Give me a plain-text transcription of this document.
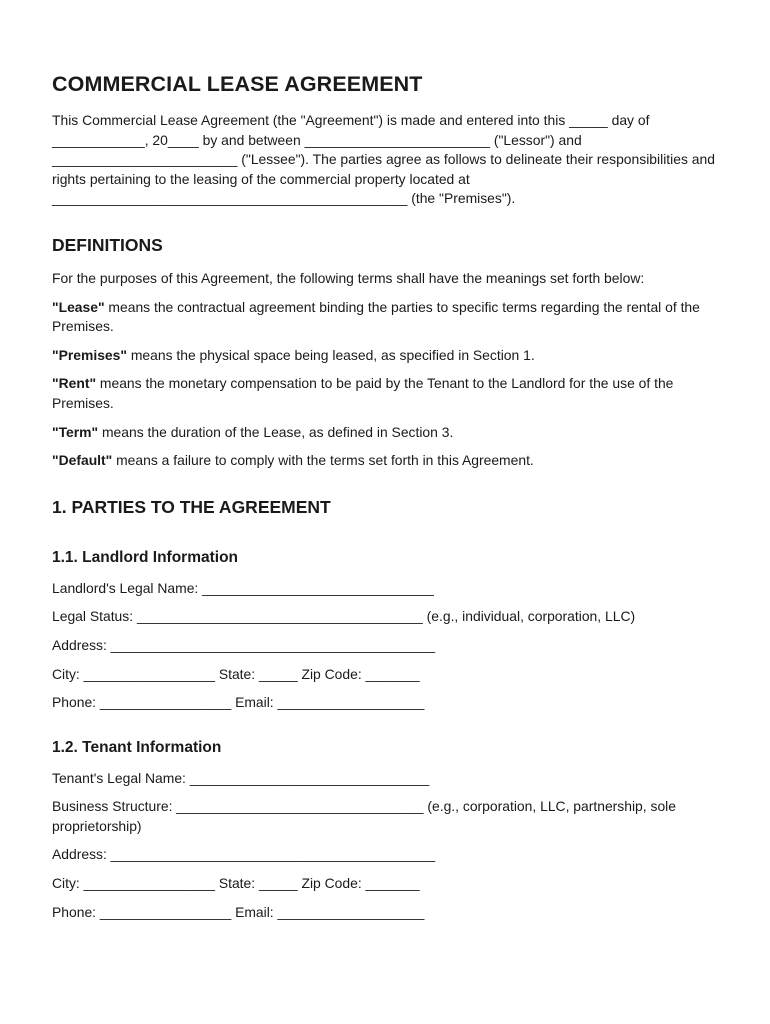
COMMERCIAL LEASE AGREEMENT

This Commercial Lease Agreement (the "Agreement") is made and entered into this _____ day of ____________, 20____ by and between ________________________ ("Lessor") and ________________________ ("Lessee"). The parties agree as follows to delineate their responsibilities and rights pertaining to the leasing of the commercial property located at ______________________________________________ (the "Premises").

DEFINITIONS

For the purposes of this Agreement, the following terms shall have the meanings set forth below:

"Lease" means the contractual agreement binding the parties to specific terms regarding the rental of the Premises.

"Premises" means the physical space being leased, as specified in Section 1.

"Rent" means the monetary compensation to be paid by the Tenant to the Landlord for the use of the Premises.

"Term" means the duration of the Lease, as defined in Section 3.

"Default" means a failure to comply with the terms set forth in this Agreement.

1. PARTIES TO THE AGREEMENT
1.1. Landlord Information

Landlord's Legal Name: ______________________________

Legal Status: _____________________________________ (e.g., individual, corporation, LLC)

Address: __________________________________________

City: _________________ State: _____ Zip Code: _______

Phone: _________________ Email: ___________________

1.2. Tenant Information

Tenant's Legal Name: _______________________________

Business Structure: ________________________________ (e.g., corporation, LLC, partnership, sole proprietorship)

Address: __________________________________________

City: _________________ State: _____ Zip Code: _______

Phone: _________________ Email: ___________________
